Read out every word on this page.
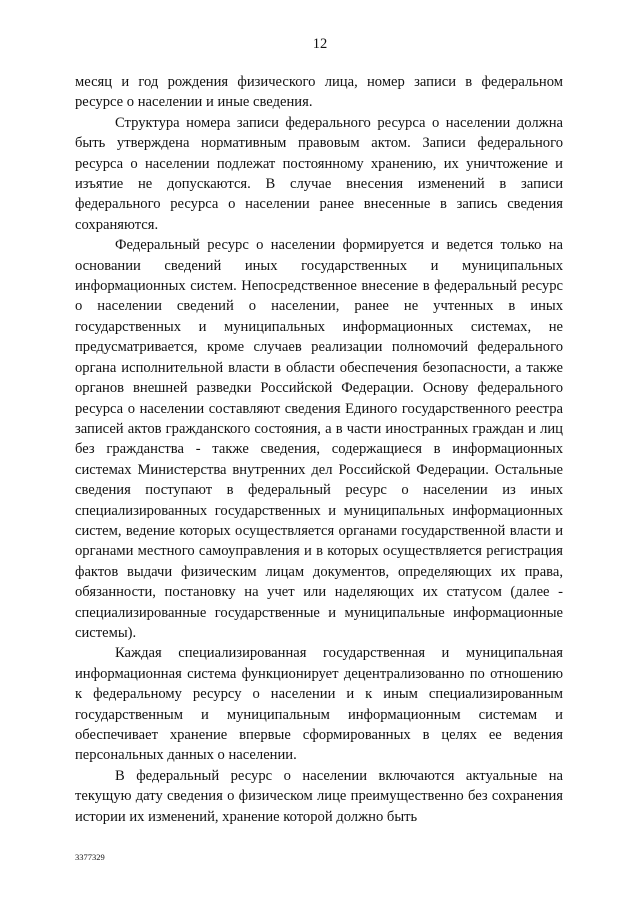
12

месяц и год рождения физического лица, номер записи в федеральном ресурсе о населении и иные сведения.

Структура номера записи федерального ресурса о населении должна быть утверждена нормативным правовым актом. Записи федерального ресурса о населении подлежат постоянному хранению, их уничтожение и изъятие не допускаются. В случае внесения изменений в записи федерального ресурса о населении ранее внесенные в запись сведения сохраняются.

Федеральный ресурс о населении формируется и ведется только на основании сведений иных государственных и муниципальных информационных систем. Непосредственное внесение в федеральный ресурс о населении сведений о населении, ранее не учтенных в иных государственных и муниципальных информационных системах, не предусматривается, кроме случаев реализации полномочий федерального органа исполнительной власти в области обеспечения безопасности, а также органов внешней разведки Российской Федерации. Основу федерального ресурса о населении составляют сведения Единого государственного реестра записей актов гражданского состояния, а в части иностранных граждан и лиц без гражданства - также сведения, содержащиеся в информационных системах Министерства внутренних дел Российской Федерации. Остальные сведения поступают в федеральный ресурс о населении из иных специализированных государственных и муниципальных информационных систем, ведение которых осуществляется органами государственной власти и органами местного самоуправления и в которых осуществляется регистрация фактов выдачи физическим лицам документов, определяющих их права, обязанности, постановку на учет или наделяющих их статусом (далее - специализированные государственные и муниципальные информационные системы).

Каждая специализированная государственная и муниципальная информационная система функционирует децентрализованно по отношению к федеральному ресурсу о населении и к иным специализированным государственным и муниципальным информационным системам и обеспечивает хранение впервые сформированных в целях ее ведения персональных данных о населении.

В федеральный ресурс о населении включаются актуальные на текущую дату сведения о физическом лице преимущественно без сохранения истории их изменений, хранение которой должно быть

3377329
